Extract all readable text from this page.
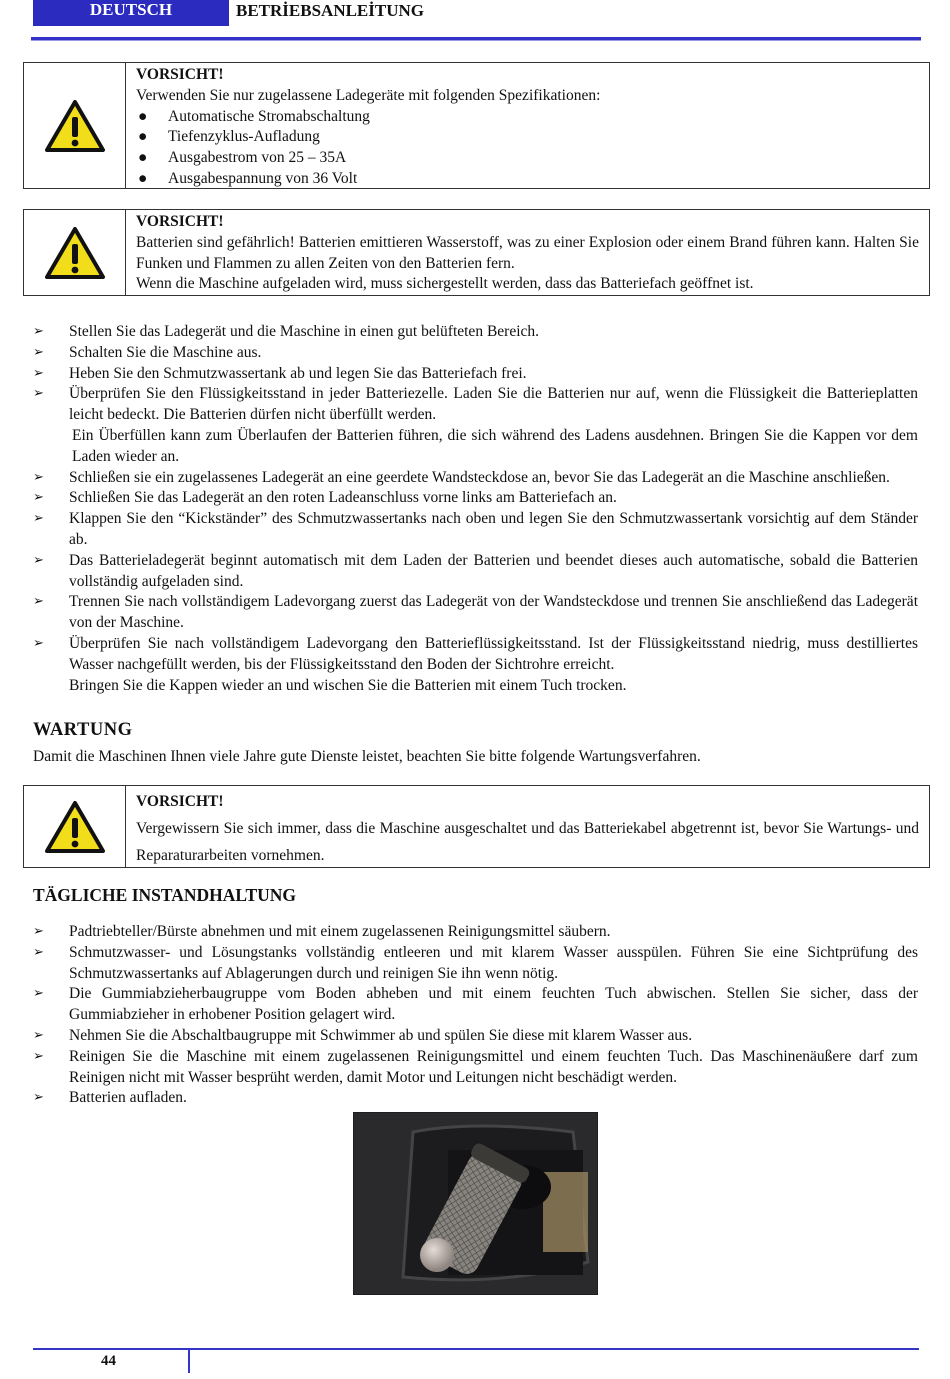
DEUTSCH	BETRİEBSANLEİTUNG
VORSICHT!
Verwenden Sie nur zugelassene Ladegeräte mit folgenden Spezifikationen:
●	Automatische Stromabschaltung
●	Tiefenzyklus-Aufladung
●	Ausgabestrom von 25 – 35A
●	Ausgabespannung von 36 Volt
VORSICHT!
Batterien sind gefährlich! Batterien emittieren Wasserstoff, was zu einer Explosion oder einem Brand führen kann. Halten Sie Funken und Flammen zu allen Zeiten von den Batterien fern.
Wenn die Maschine aufgeladen wird, muss sichergestellt werden, dass das Batteriefach geöffnet ist.
➢	Stellen Sie das Ladegerät und die Maschine in einen gut belüfteten Bereich.
➢	Schalten Sie die Maschine aus.
➢	Heben Sie den Schmutzwassertank ab und legen Sie das Batteriefach frei.
➢	Überprüfen Sie den Flüssigkeitsstand in jeder Batteriezelle. Laden Sie die Batterien nur auf, wenn die Flüssigkeit die Batterieplatten leicht bedeckt. Die Batterien dürfen nicht überfüllt werden.
Ein Überfüllen kann zum Überlaufen der Batterien führen, die sich während des Ladens ausdehnen. Bringen Sie die Kappen vor dem Laden wieder an.
➢	Schließen sie ein zugelassenes Ladegerät an eine geerdete Wandsteckdose an, bevor Sie das Ladegerät an die Maschine anschließen.
➢	Schließen Sie das Ladegerät an den roten Ladeanschluss vorne links am Batteriefach an.
➢	Klappen Sie den “Kickständer” des Schmutzwassertanks nach oben und legen Sie den Schmutzwassertank vorsichtig auf dem Ständer ab.
➢	Das Batterieladegerät beginnt automatisch mit dem Laden der Batterien und beendet dieses auch automatische, sobald die Batterien vollständig aufgeladen sind.
➢	Trennen Sie nach vollständigem Ladevorgang zuerst das Ladegerät von der Wandsteckdose und trennen Sie anschließend das Ladegerät von der Maschine.
➢	Überprüfen Sie nach vollständigem Ladevorgang den Batterieflüssigkeitsstand. Ist der Flüssigkeitsstand niedrig, muss destilliertes Wasser nachgefüllt werden, bis der Flüssigkeitsstand den Boden der Sichtrohre erreicht.
Bringen Sie die Kappen wieder an und wischen Sie die Batterien mit einem Tuch trocken.
WARTUNG
Damit die Maschinen Ihnen viele Jahre gute Dienste leistet, beachten Sie bitte folgende Wartungsverfahren.
VORSICHT!
Vergewissern Sie sich immer, dass die Maschine ausgeschaltet und das Batteriekabel abgetrennt ist, bevor Sie Wartungs- und Reparaturarbeiten vornehmen.
TÄGLICHE INSTANDHALTUNG
➢	Padtriebteller/Bürste abnehmen und mit einem zugelassenen Reinigungsmittel säubern.
➢	Schmutzwasser- und Lösungstanks vollständig entleeren und mit klarem Wasser ausspülen. Führen Sie eine Sichtprüfung des Schmutzwassertanks auf Ablagerungen durch und reinigen Sie ihn wenn nötig.
➢	Die Gummiabzieherbaugruppe vom Boden abheben und mit einem feuchten Tuch abwischen. Stellen Sie sicher, dass der Gummiabzieher in erhobener Position gelagert wird.
➢	Nehmen Sie die Abschaltbaugruppe mit Schwimmer ab und spülen Sie diese mit klarem Wasser aus.
➢	Reinigen Sie die Maschine mit einem zugelassenen Reinigungsmittel und einem feuchten Tuch. Das Maschinenäußere darf zum Reinigen nicht mit Wasser besprüht werden, damit Motor und Leitungen nicht beschädigt werden.
➢	Batterien aufladen.
44
